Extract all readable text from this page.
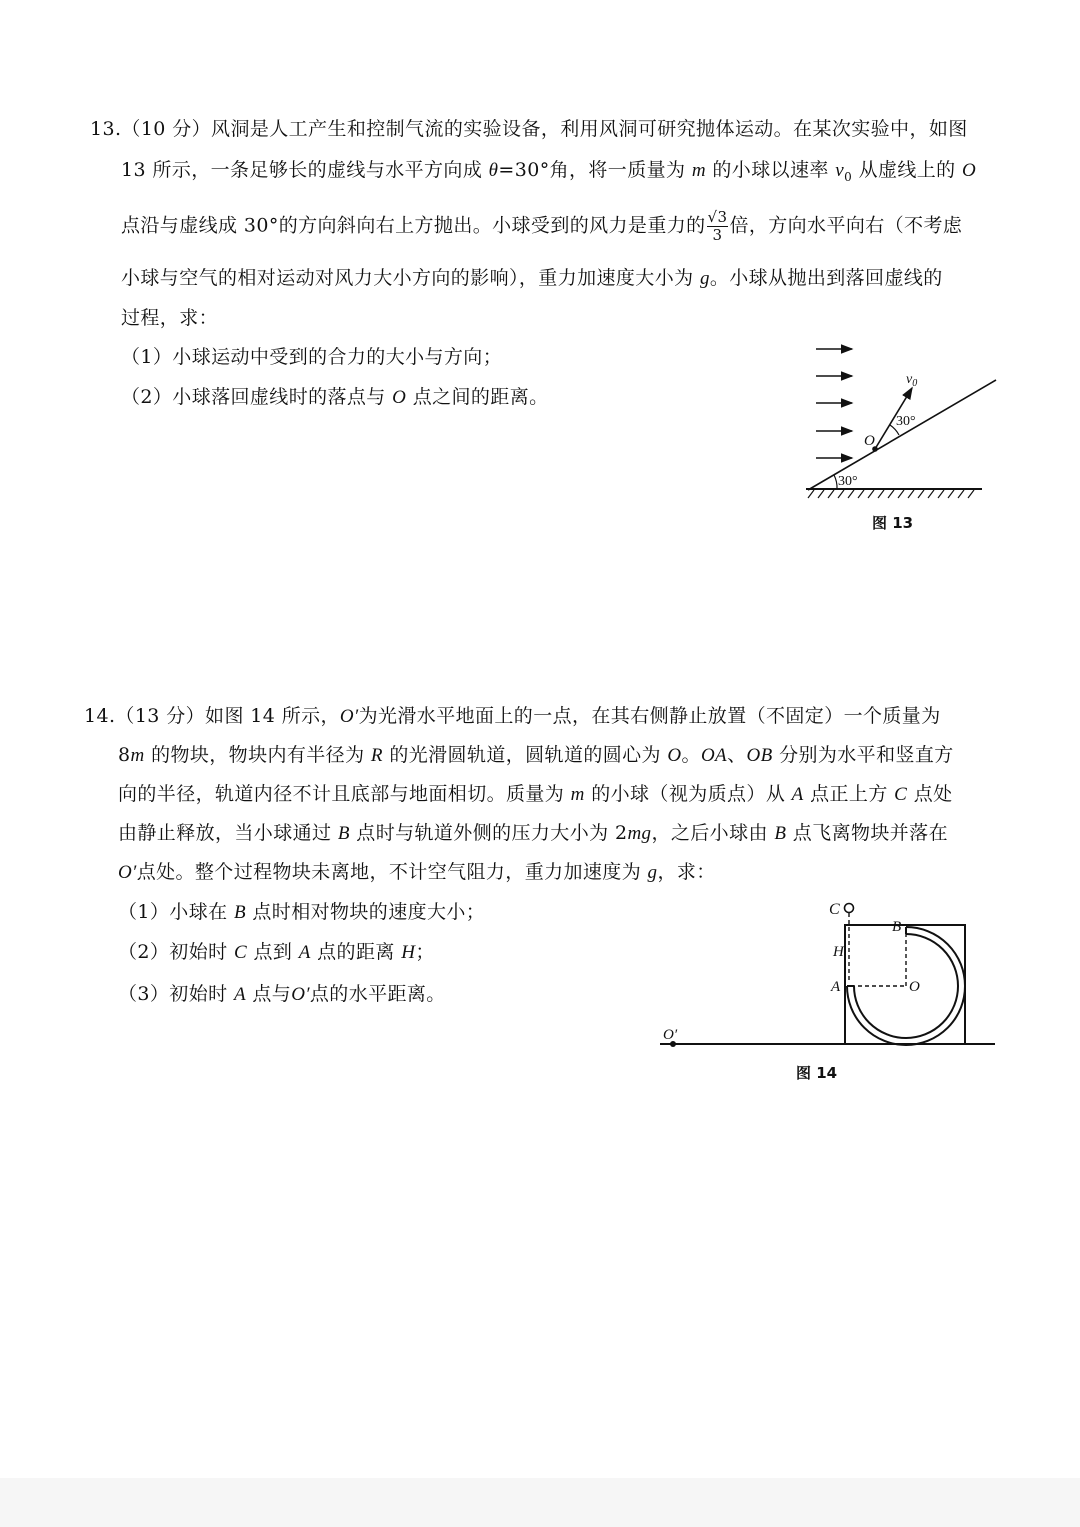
13.（10 分）风洞是人工产生和控制气流的实验设备，利用风洞可研究抛体运动。在某次实验中，如图
13 所示，一条足够长的虚线与水平方向成 θ=30°角，将一质量为 m 的小球以速率 $v_0$ 从虚线上的 O
点沿与虚线成 30°的方向斜向右上方抛出。小球受到的风力是重力的 $\frac{√3}{3}$ 倍，方向水平向右（不考虑
小球与空气的相对运动对风力大小方向的影响），重力加速度大小为 g。小球从抛出到落回虚线的
过程，求：
（1）小球运动中受到的合力的大小与方向；
（2）小球落回虚线时的落点与 O 点之间的距离。
$v_0$
30°
O
30°
图 13
14.（13 分）如图 14 所示，O′为光滑水平地面上的一点，在其右侧静止放置（不固定）一个质量为
8m 的物块，物块内有半径为 R 的光滑圆轨道，圆轨道的圆心为 O。OA、OB 分别为水平和竖直方
向的半径，轨道内径不计且底部与地面相切。质量为 m 的小球（视为质点）从 A 点正上方 C 点处
由静止释放，当小球通过 B 点时与轨道外侧的压力大小为 2mg，之后小球由 B 点飞离物块并落在
O′点处。整个过程物块未离地，不计空气阻力，重力加速度为 g，求：
（1）小球在 B 点时相对物块的速度大小；
（2）初始时 C 点到 A 点的距离 H；
（3）初始时 A 点与O′点的水平距离。
C
B
H
A	O
O′
图 14
